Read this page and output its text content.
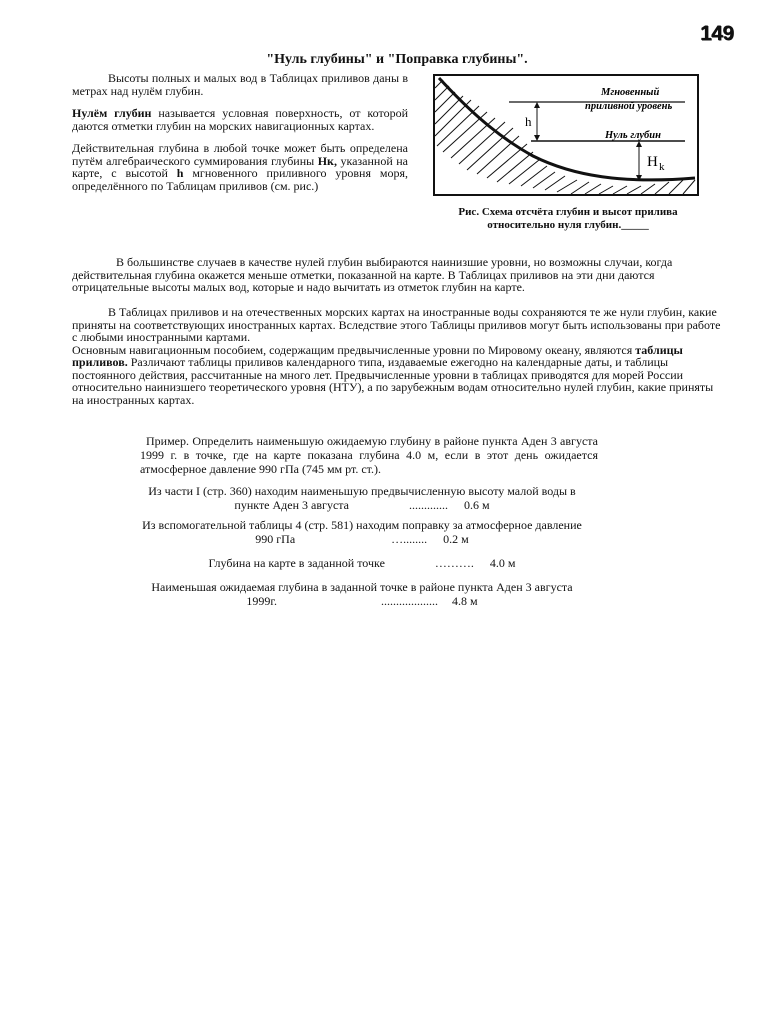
149
"Нуль глубины" и "Поправка глубины".

Высоты полных и малых вод в Таблицах приливов даны в метрах над нулём глубин.

Нулём глубин называется условная поверхность, от которой даются отметки глубин на морских навигационных картах.

Действительная глубина в любой точке может быть определена путём алгебраического суммирования глубины Нк, указанной на карте, с высотой h мгновенного приливного уровня моря, определённого по Таблицам приливов (см. рис.)

Мгновенный
приливной уровень
Нуль глубин
h
H k
Рис. Схема отсчёта глубин и высот прилива относительно нуля глубин._____

В большинстве случаев в качестве нулей глубин выбираются наинизшие уровни, но возможны случаи, когда действительная глубина окажется меньше отметки, показанной на карте. В Таблицах приливов на эти дни даются отрицательные высоты малых вод, которые и надо вычитать из отметок глубин на карте.

В Таблицах приливов и на отечественных морских картах на иностранные воды сохраняются те же нули глубин, какие приняты на соответствующих иностранных картах. Вследствие этого Таблицы приливов могут быть использованы при работе с любыми иностранными картами.

Основным навигационным пособием, содержащим предвычисленные уровни по Мировому океану, являются таблицы приливов. Различают таблицы приливов календарного типа, издаваемые ежегодно на календарные даты, и таблицы постоянного действия, рассчитанные на много лет. Предвычисленные уровни в таблицах приводятся для морей России относительно наинизшего теоретического уровня (НТУ), а по зарубежным водам относительно нулей глубин, какие приняты на иностранных картах.

Пример. Определить наименьшую ожидаемую глубину в районе пункта Аден 3 августа 1999 г. в точке, где на карте показана глубина 4.0 м, если в этот день ожидается атмосферное давление 990 гПа (745 мм рт. ст.).
Из части I (стр. 360) находим наименьшую предвычисленную высоту малой воды в
пункте Аден 3 августа	............. 0.6 м
Из вспомогательной таблицы 4 (стр. 581) находим поправку за атмосферное давление
990 гПа	…........ 0.2 м
Глубина на карте в заданной точке	………. 4.0 м
Наименьшая ожидаемая глубина в заданной точке в районе пункта Аден 3 августа
1999г.	................... 4.8 м
